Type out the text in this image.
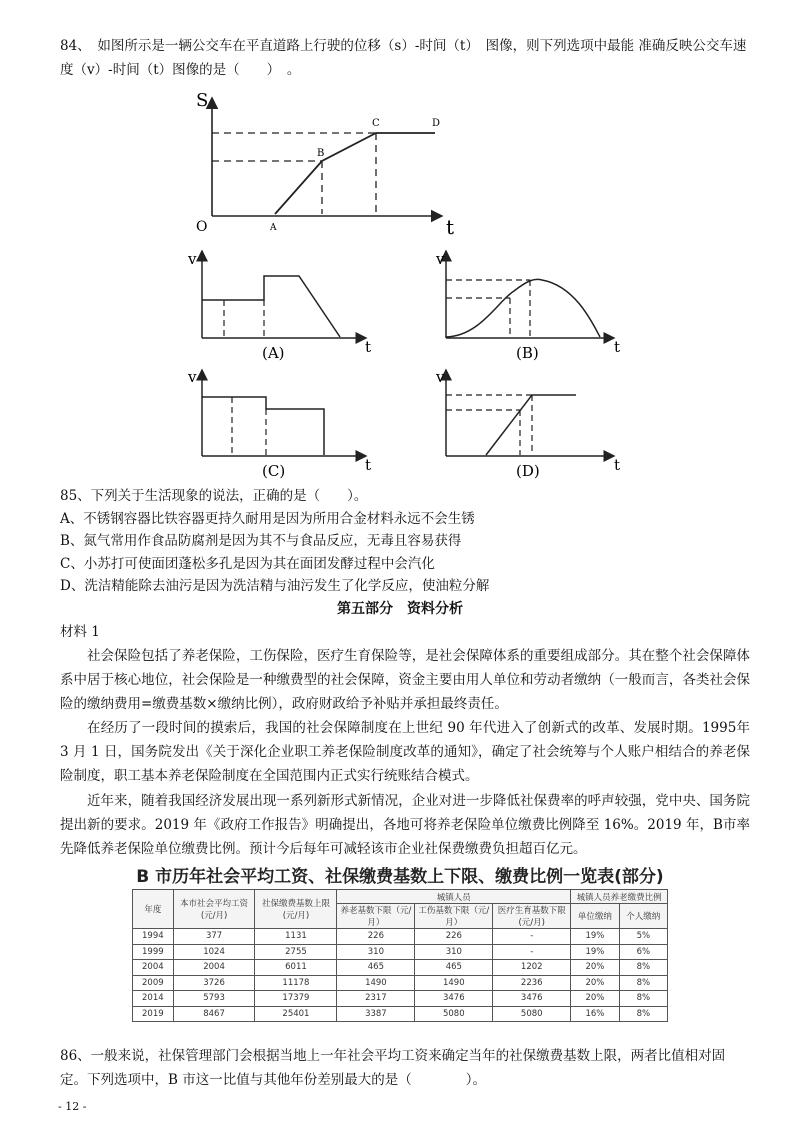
84、　如图所示是一辆公交车在平直道路上行驶的位移（s）-时间（t）　图像，则下列选项中最能 准确反映公交车速度（v）-时间（t）图像的是（　　）　。
S
t
O	A
B
C	D
v
t
(A)
v
t
(B)
v
t
(C)
v
t
(D)
85、下列关于生活现象的说法，正确的是（　　）。
A、不锈钢容器比铁容器更持久耐用是因为所用合金材料永远不会生锈
B、氮气常用作食品防腐剂是因为其不与食品反应，无毒且容易获得
C、小苏打可使面团蓬松多孔是因为其在面团发酵过程中会汽化
D、洗洁精能除去油污是因为洗洁精与油污发生了化学反应，使油粒分解
第五部分　资料分析
材料 1
社会保险包括了养老保险，工伤保险，医疗生育保险等，是社会保障体系的重要组成部分。其在整个社会保障体系中居于核心地位，社会保险是一种缴费型的社会保障，资金主要由用人单位和劳动者缴纳（一般而言，各类社会保险的缴纳费用=缴费基数×缴纳比例），政府财政给予补贴并承担最终责任。
在经历了一段时间的摸索后，我国的社会保障制度在上世纪 90 年代进入了创新式的改革、发展时期。1995年 3 月 1 日，国务院发出《关于深化企业职工养老保险制度改革的通知》，确定了社会统筹与个人账户相结合的养老保险制度，职工基本养老保险制度在全国范围内正式实行统账结合模式。
近年来，随着我国经济发展出现一系列新形式新情况，企业对进一步降低社保费率的呼声较强，党中央、国务院提出新的要求。2019 年《政府工作报告》明确提出，各地可将养老保险单位缴费比例降至 16%。2019 年，B市率先降低养老保险单位缴费比例。预计今后每年可减轻该市企业社保费缴费负担超百亿元。
B 市历年社会平均工资、社保缴费基数上下限、缴费比例一览表(部分)
年度	本市社会平均工资(元/月)	社保缴费基数上限(元/月)	城镇人员			城镇人员养老缴费比例	
			养老基数下限（元/月）	工伤基数下限（元/月）	医疗生育基数下限(元/月)	单位缴纳	个人缴纳
1994	377	1131	226	226	-	19%	5%
1999	1024	2755	310	310	-	19%	6%
2004	2004	6011	465	465	1202	20%	8%
2009	3726	11178	1490	1490	2236	20%	8%
2014	5793	17379	2317	3476	3476	20%	8%
2019	8467	25401	3387	5080	5080	16%	8%
86、一般来说，社保管理部门会根据当地上一年社会平均工资来确定当年的社保缴费基数上限，两者比值相对固定。下列选项中，B 市这一比值与其他年份差别最大的是（　　　　）。
- 12 -
